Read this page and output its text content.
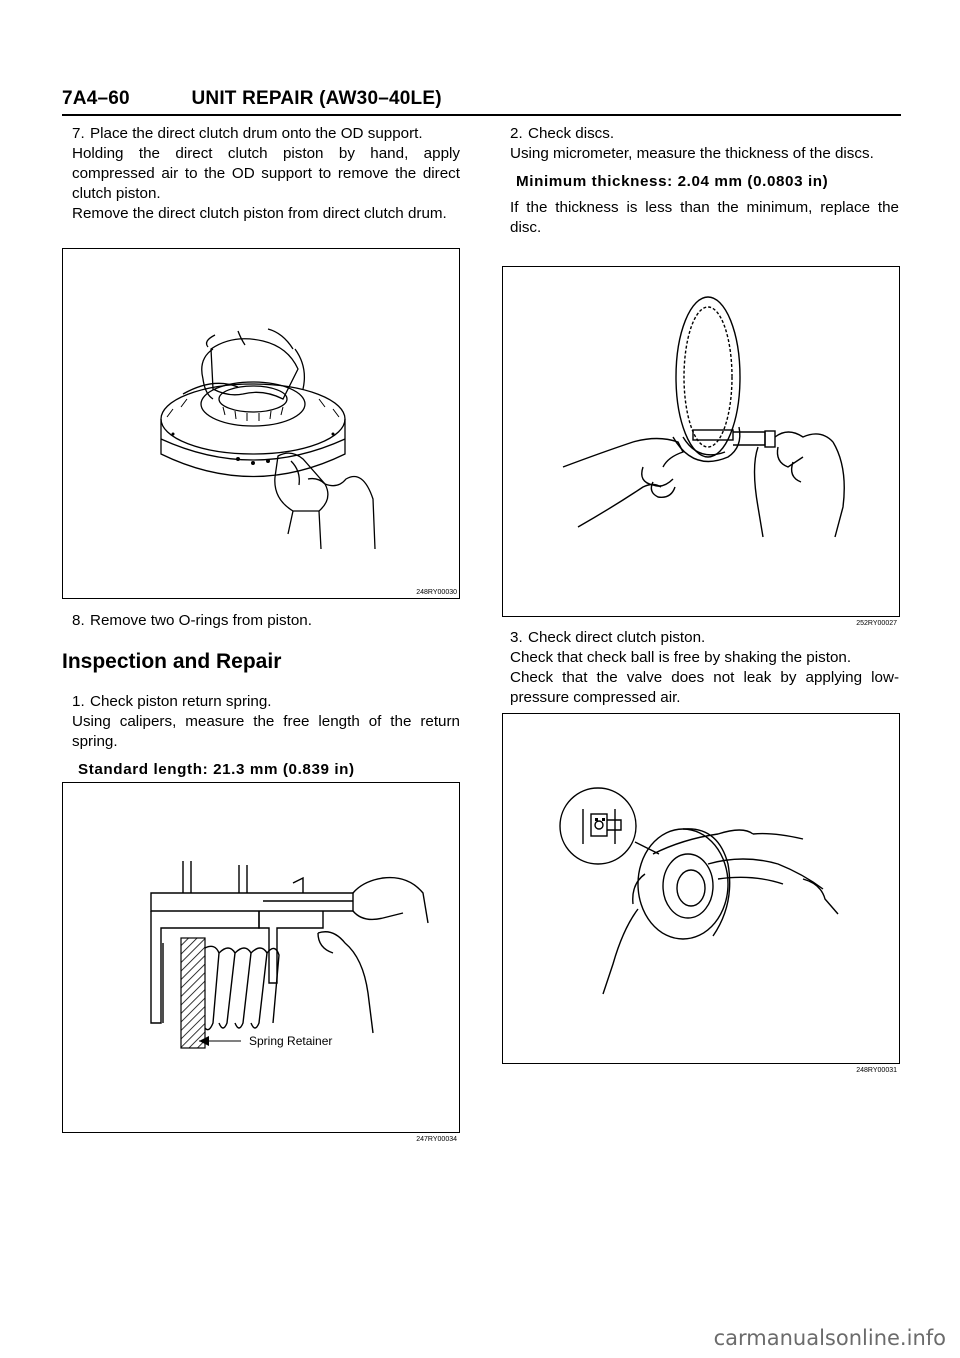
7A4–60	UNIT REPAIR (AW30–40LE)
7. Place the direct clutch drum onto the OD support.
Holding the direct clutch piston by hand, apply compressed air to the OD support to remove the direct clutch piston.
Remove the direct clutch piston from direct clutch drum.
248RY00030
8. Remove two O-rings from piston.
Inspection and Repair
1. Check piston return spring.
Using calipers, measure the free length of the return spring.
Standard length: 21.3 mm (0.839 in)
Spring Retainer
247RY00034
2. Check discs.
Using micrometer, measure the thickness of the discs.
Minimum thickness: 2.04 mm (0.0803 in)
If the thickness is less than the minimum, replace the disc.
252RY00027
3. Check direct clutch piston.
Check that check ball is free by shaking the piston.
Check that the valve does not leak by applying low-pressure compressed air.
248RY00031
carmanualsonline.info
